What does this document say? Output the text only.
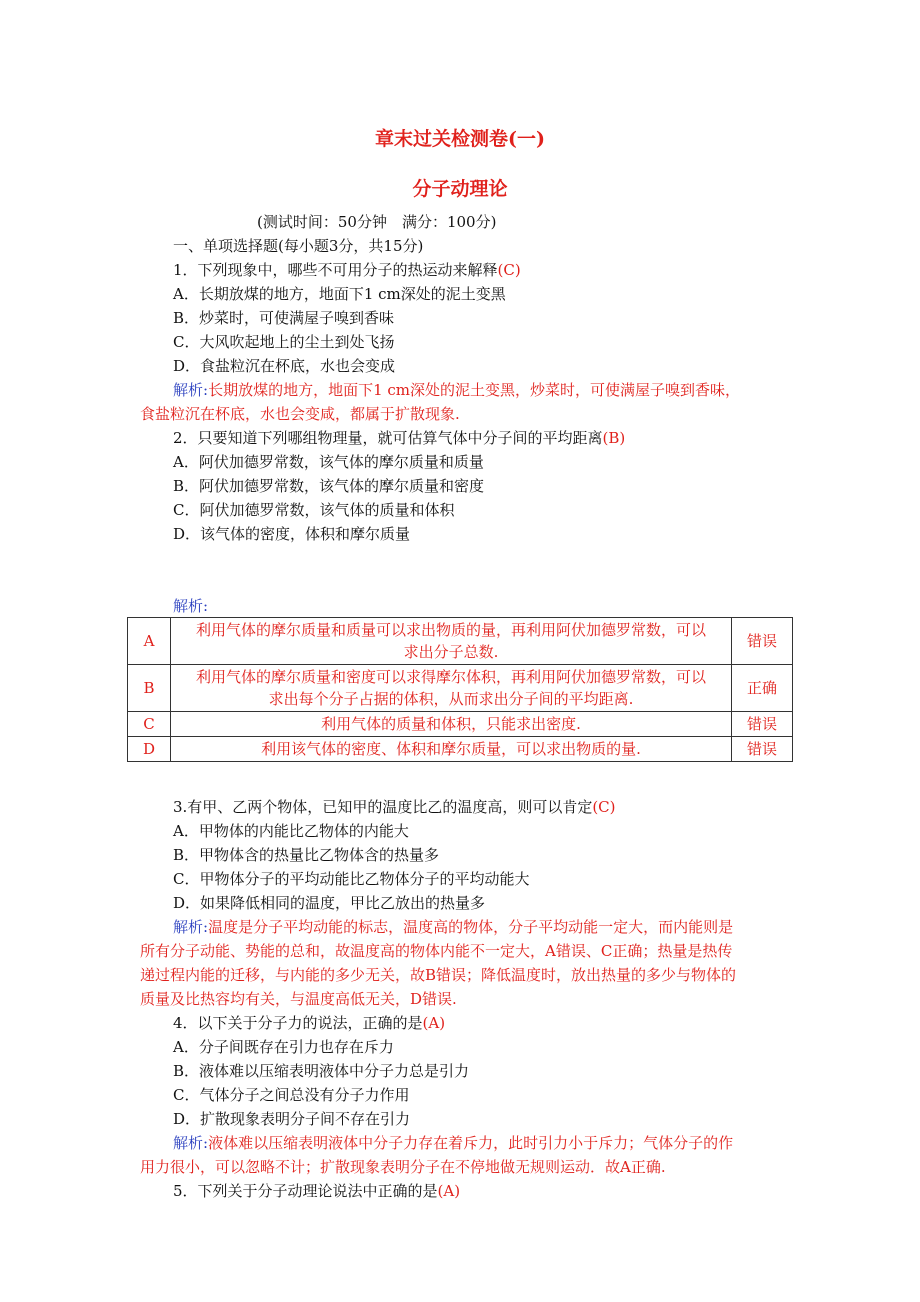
章末过关检测卷(一)
分子动理论
(测试时间：50分钟　满分：100分)
一、单项选择题(每小题3分，共15分)
1．下列现象中，哪些不可用分子的热运动来解释(C)
A．长期放煤的地方，地面下1 cm深处的泥土变黑
B．炒菜时，可使满屋子嗅到香味
C．大风吹起地上的尘土到处飞扬
D．食盐粒沉在杯底，水也会变成
解析:长期放煤的地方，地面下1 cm深处的泥土变黑，炒菜时，可使满屋子嗅到香味，
食盐粒沉在杯底，水也会变咸，都属于扩散现象.
2．只要知道下列哪组物理量，就可估算气体中分子间的平均距离(B)
A．阿伏加德罗常数，该气体的摩尔质量和质量
B．阿伏加德罗常数，该气体的摩尔质量和密度
C．阿伏加德罗常数，该气体的质量和体积
D．该气体的密度，体积和摩尔质量
解析:
A	利用气体的摩尔质量和质量可以求出物质的量，再利用阿伏加德罗常数，可以
求出分子总数.	错误
B	利用气体的摩尔质量和密度可以求得摩尔体积，再利用阿伏加德罗常数，可以
求出每个分子占据的体积，从而求出分子间的平均距离.	正确
C	利用气体的质量和体积，只能求出密度.	错误
D	利用该气体的密度、体积和摩尔质量，可以求出物质的量.	错误
3.有甲、乙两个物体，已知甲的温度比乙的温度高，则可以肯定(C)
A．甲物体的内能比乙物体的内能大
B．甲物体含的热量比乙物体含的热量多
C．甲物体分子的平均动能比乙物体分子的平均动能大
D．如果降低相同的温度，甲比乙放出的热量多
解析:温度是分子平均动能的标志，温度高的物体，分子平均动能一定大，而内能则是
所有分子动能、势能的总和，故温度高的物体内能不一定大，A错误、C正确；热量是热传
递过程内能的迁移，与内能的多少无关，故B错误；降低温度时，放出热量的多少与物体的
质量及比热容均有关，与温度高低无关，D错误.
4．以下关于分子力的说法，正确的是(A)
A．分子间既存在引力也存在斥力
B．液体难以压缩表明液体中分子力总是引力
C．气体分子之间总没有分子力作用
D．扩散现象表明分子间不存在引力
解析:液体难以压缩表明液体中分子力存在着斥力，此时引力小于斥力；气体分子的作
用力很小，可以忽略不计；扩散现象表明分子在不停地做无规则运动．故A正确.
5．下列关于分子动理论说法中正确的是(A)
